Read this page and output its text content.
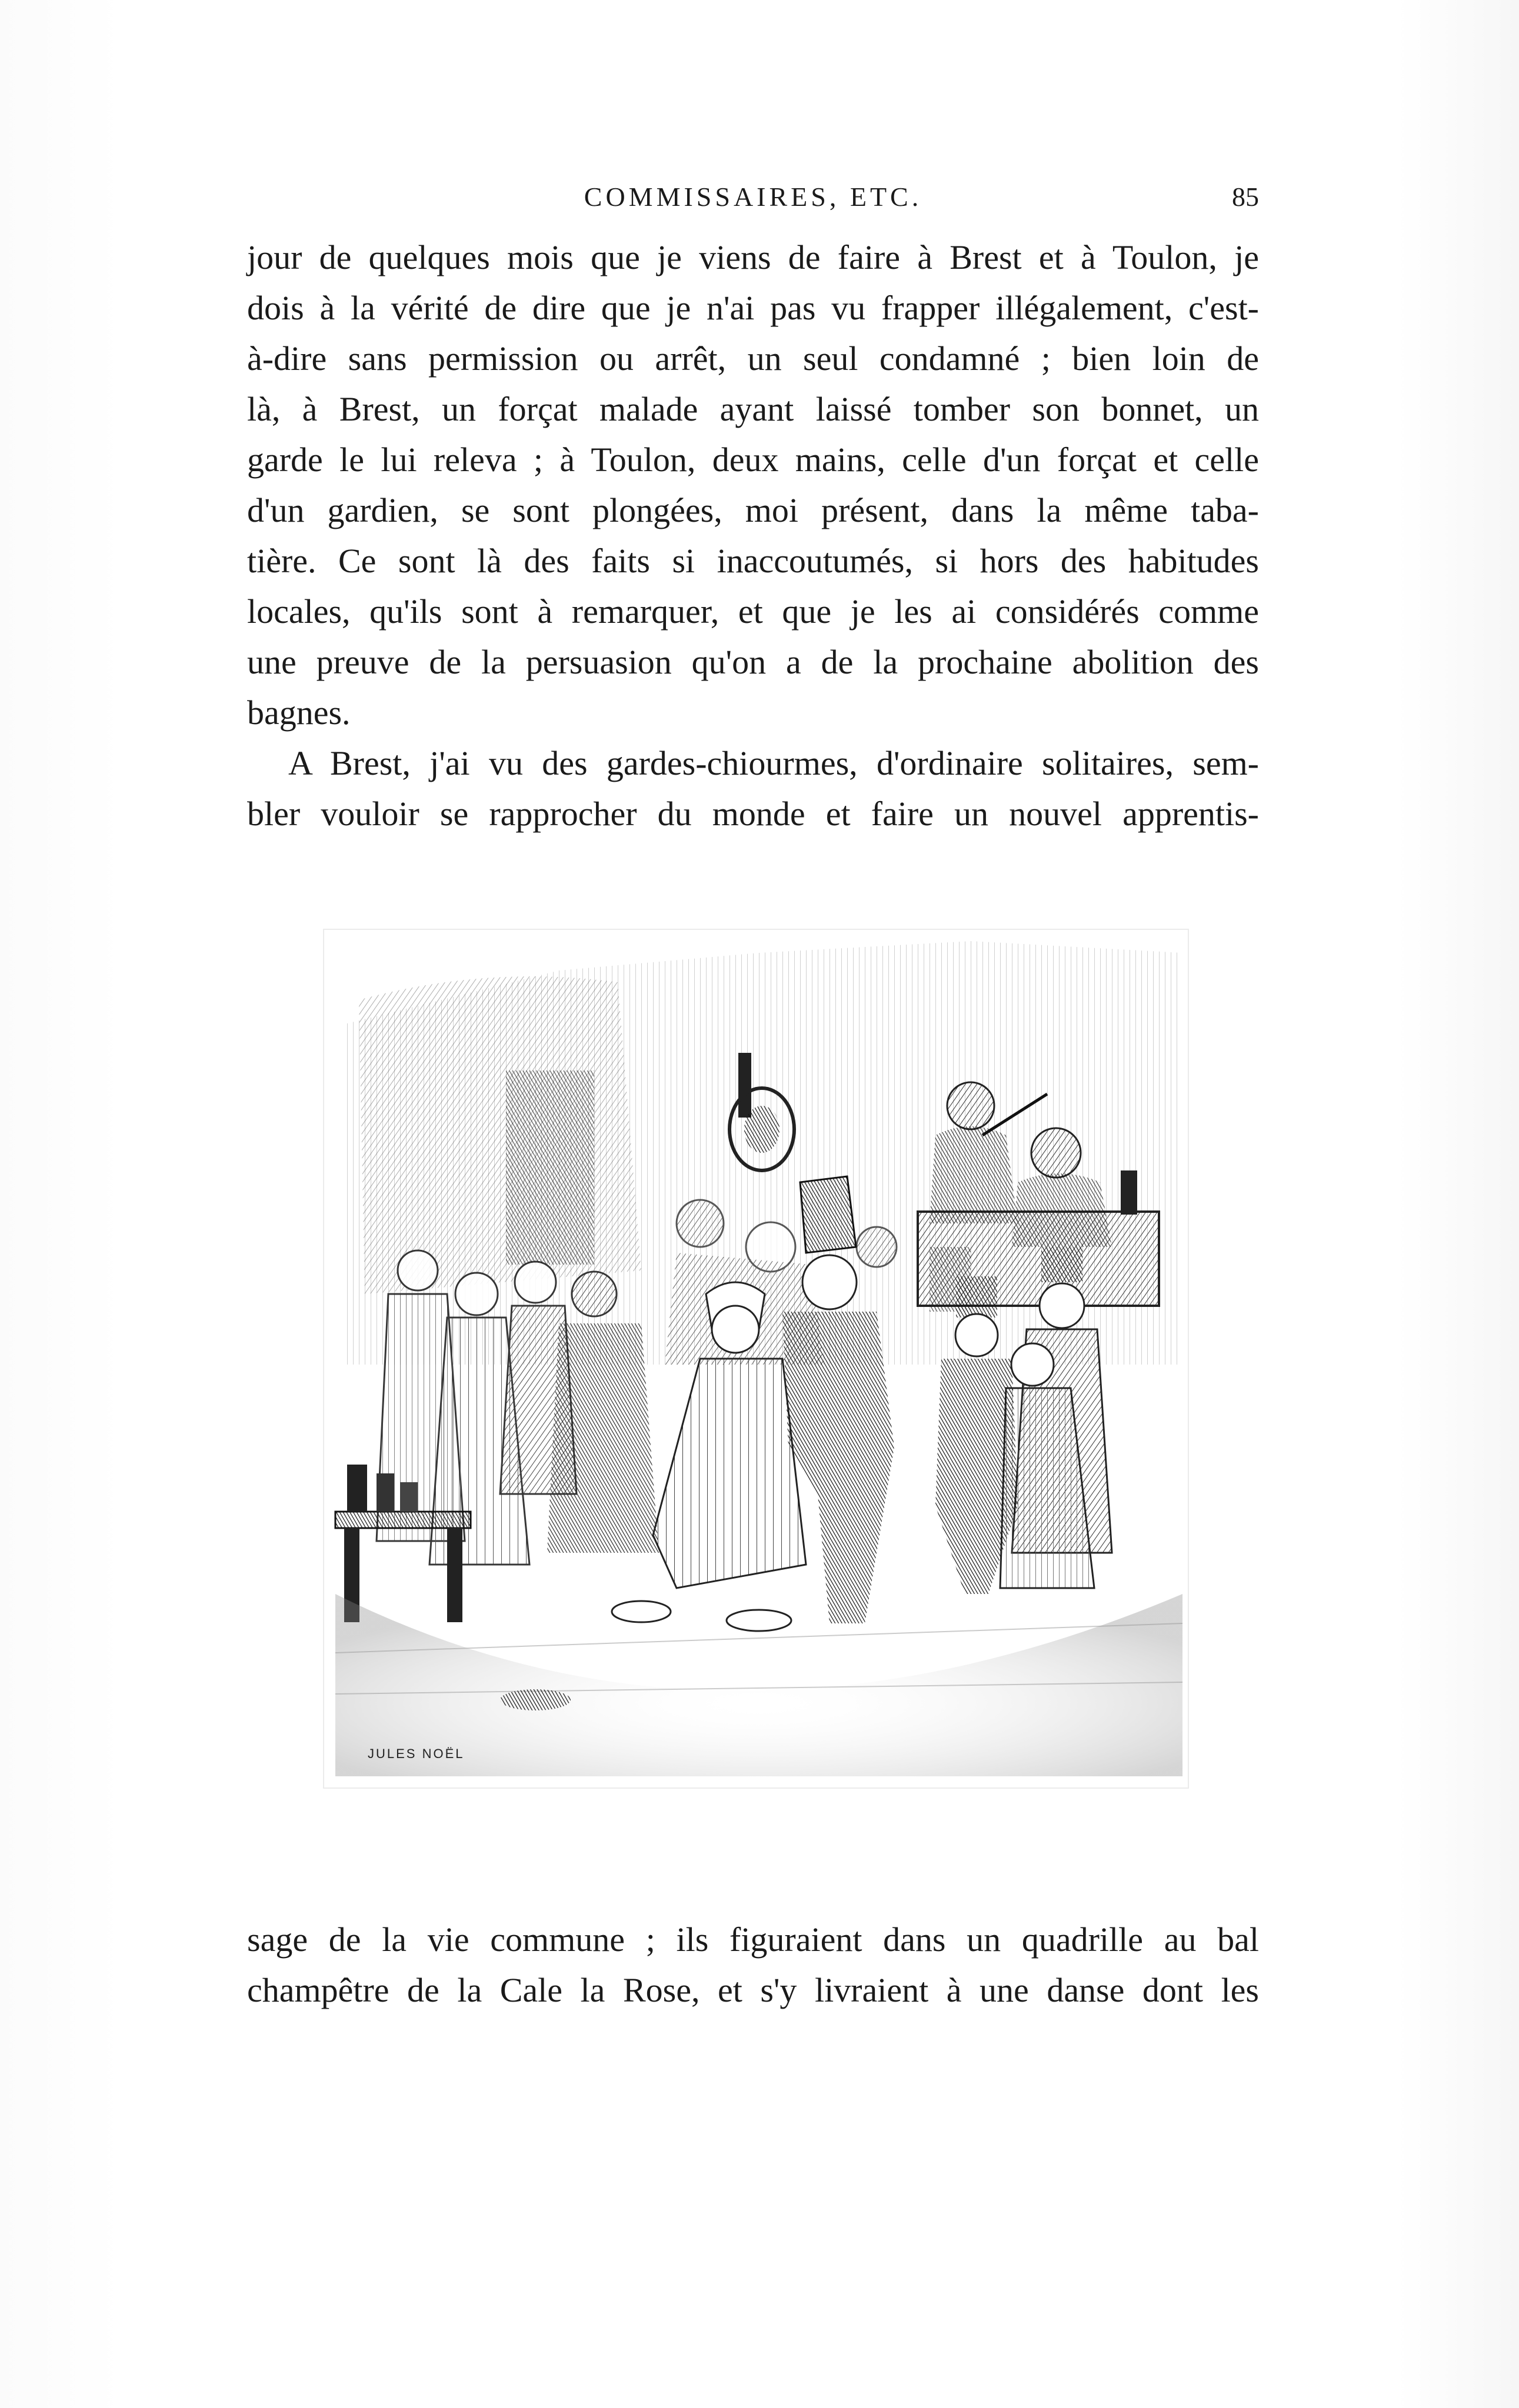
COMMISSAIRES, ETC.	85
jour de quelques mois que je viens de faire à Brest et à Toulon, je
dois à la vérité de dire que je n'ai pas vu frapper illégalement, c'est-
à-dire sans permission ou arrêt, un seul condamné ; bien loin de
là, à Brest, un forçat malade ayant laissé tomber son bonnet, un
garde le lui releva ; à Toulon, deux mains, celle d'un forçat et celle
d'un gardien, se sont plongées, moi présent, dans la même taba-
tière. Ce sont là des faits si inaccoutumés, si hors des habitudes
locales, qu'ils sont à remarquer, et que je les ai considérés comme
une preuve de la persuasion qu'on a de la prochaine abolition des
bagnes.
A Brest, j'ai vu des gardes-chiourmes, d'ordinaire solitaires, sem-
bler vouloir se rapprocher du monde et faire un nouvel apprentis-
JULES NOËL
sage de la vie commune ; ils figuraient dans un quadrille au bal
champêtre de la Cale la Rose, et s'y livraient à une danse dont les
